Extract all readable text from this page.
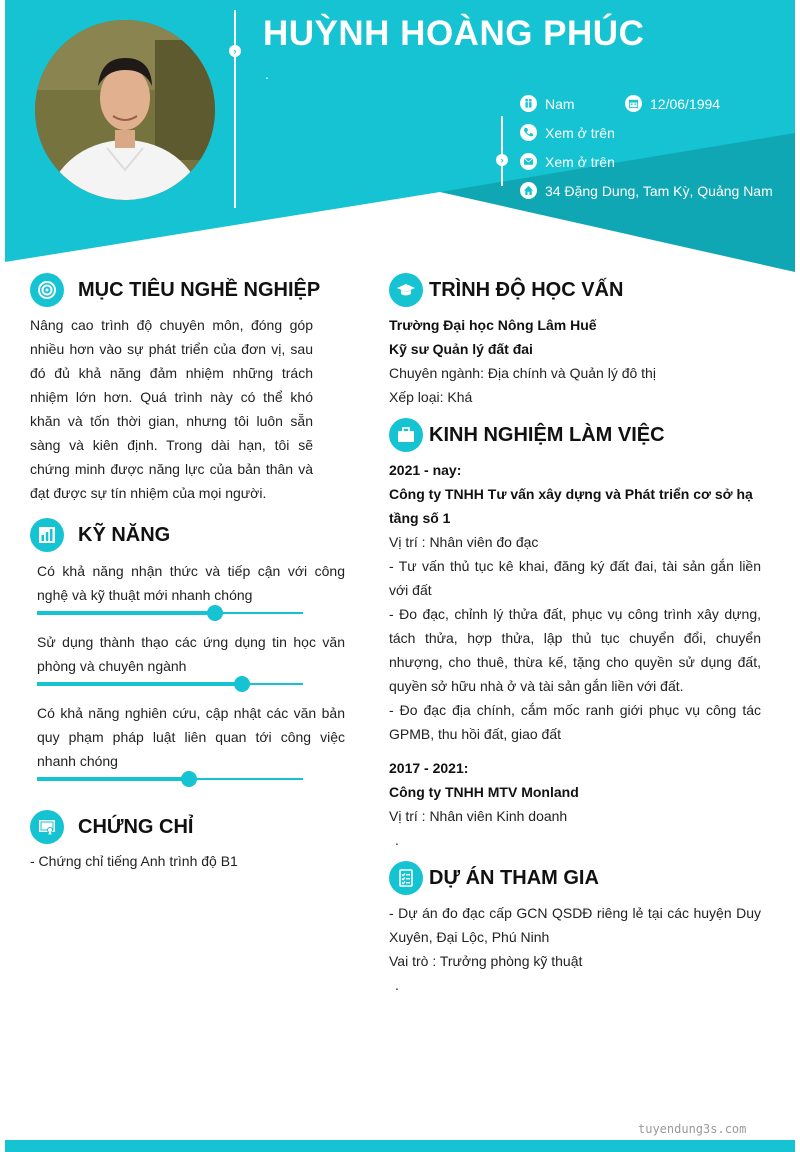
› HUỲNH HOÀNG PHÚC
.
›
Nam	12/06/1994
Xem ở trên
Xem ở trên
34 Đặng Dung, Tam Kỳ, Quảng Nam
MỤC TIÊU NGHỀ NGHIỆP
Nâng cao trình độ chuyên môn, đóng góp nhiều hơn vào sự phát triển của đơn vị, sau đó đủ khả năng đảm nhiệm những trách nhiệm lớn hơn. Quá trình này có thể khó khăn và tốn thời gian, nhưng tôi luôn sẵn sàng và kiên định. Trong dài hạn, tôi sẽ chứng minh được năng lực của bản thân và đạt được sự tín nhiệm của mọi người.
KỸ NĂNG
Có khả năng nhận thức và tiếp cận với công nghệ và kỹ thuật mới nhanh chóng
Sử dụng thành thạo các ứng dụng tin học văn phòng và chuyên ngành
Có khả năng nghiên cứu, cập nhật các văn bản quy phạm pháp luật liên quan tới công việc nhanh chóng
CHỨNG CHỈ
- Chứng chỉ tiếng Anh trình độ B1
TRÌNH ĐỘ HỌC VẤN
Trường Đại học Nông Lâm Huế
Kỹ sư Quản lý đất đai
Chuyên ngành: Địa chính và Quản lý đô thị
Xếp loại: Khá
KINH NGHIỆM LÀM VIỆC
2021 - nay:
Công ty TNHH Tư vấn xây dựng và Phát triển cơ sở hạ tầng số 1
Vị trí : Nhân viên đo đạc
- Tư vấn thủ tục kê khai, đăng ký đất đai, tài sản gắn liền với đất
- Đo đạc, chỉnh lý thửa đất, phục vụ công trình xây dựng, tách thửa, hợp thửa, lập thủ tục chuyển đổi, chuyển nhượng, cho thuê, thừa kế, tặng cho quyền sử dụng đất, quyền sở hữu nhà ở và tài sản gắn liền với đất.
- Đo đạc địa chính, cắm mốc ranh giới phục vụ công tác GPMB, thu hồi đất, giao đất
2017 - 2021:
Công ty TNHH MTV Monland
Vị trí : Nhân viên Kinh doanh
.
DỰ ÁN THAM GIA
- Dự án đo đạc cấp GCN QSDĐ riêng lẻ tại các huyện Duy Xuyên, Đại Lộc, Phú Ninh
Vai trò : Trưởng phòng kỹ thuật
.
tuyendung3s.com
